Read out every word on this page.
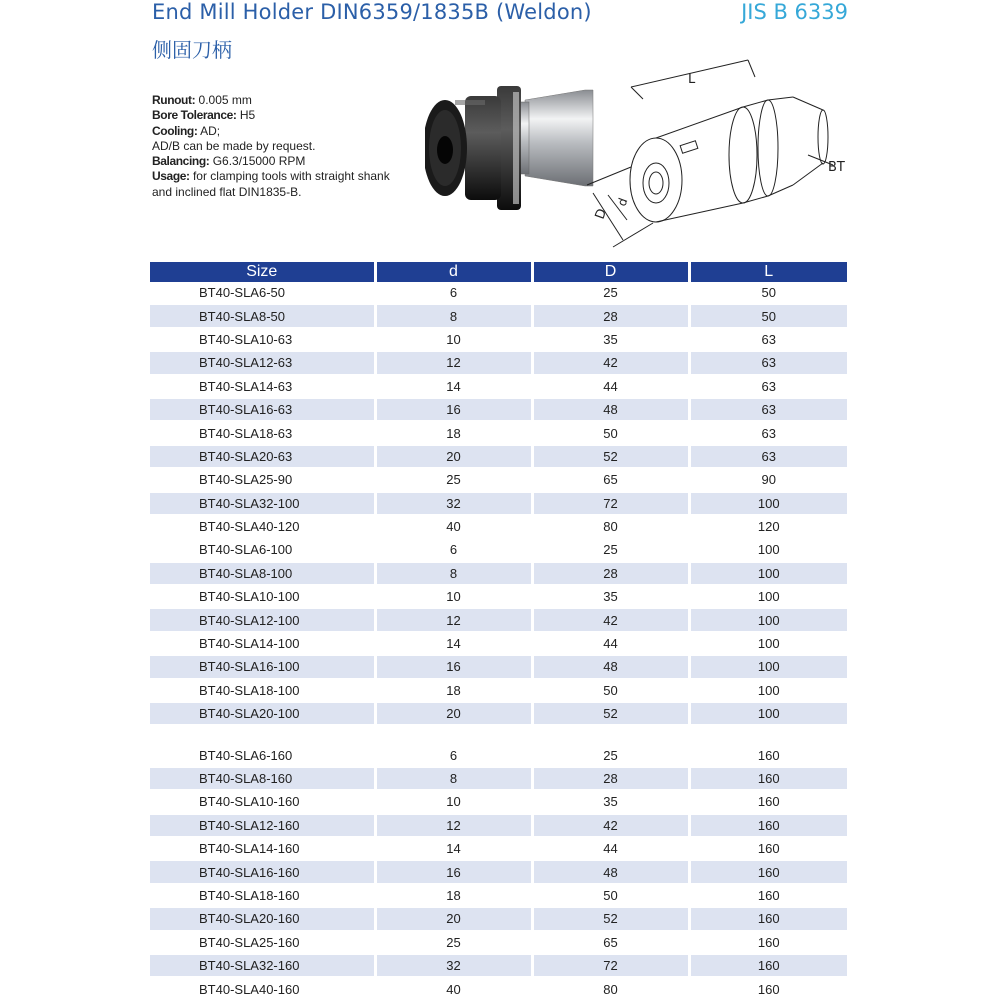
End Mill Holder DIN6359/1835B (Weldon)
侧固刀柄
JIS B 6339
Runout: 0.005 mm
Bore Tolerance: H5
Cooling: AD;
AD/B can be made by request.
Balancing: G6.3/15000 RPM
Usage: for clamping tools with straight shank and inclined flat DIN1835-B.
L
D
d
BT
Size	d	D	L
BT40-SLA6-50	6	25	50
BT40-SLA8-50	8	28	50
BT40-SLA10-63	10	35	63
BT40-SLA12-63	12	42	63
BT40-SLA14-63	14	44	63
BT40-SLA16-63	16	48	63
BT40-SLA18-63	18	50	63
BT40-SLA20-63	20	52	63
BT40-SLA25-90	25	65	90
BT40-SLA32-100	32	72	100
BT40-SLA40-120	40	80	120
BT40-SLA6-100	6	25	100
BT40-SLA8-100	8	28	100
BT40-SLA10-100	10	35	100
BT40-SLA12-100	12	42	100
BT40-SLA14-100	14	44	100
BT40-SLA16-100	16	48	100
BT40-SLA18-100	18	50	100
BT40-SLA20-100	20	52	100

BT40-SLA6-160	6	25	160
BT40-SLA8-160	8	28	160
BT40-SLA10-160	10	35	160
BT40-SLA12-160	12	42	160
BT40-SLA14-160	14	44	160
BT40-SLA16-160	16	48	160
BT40-SLA18-160	18	50	160
BT40-SLA20-160	20	52	160
BT40-SLA25-160	25	65	160
BT40-SLA32-160	32	72	160
BT40-SLA40-160	40	80	160
